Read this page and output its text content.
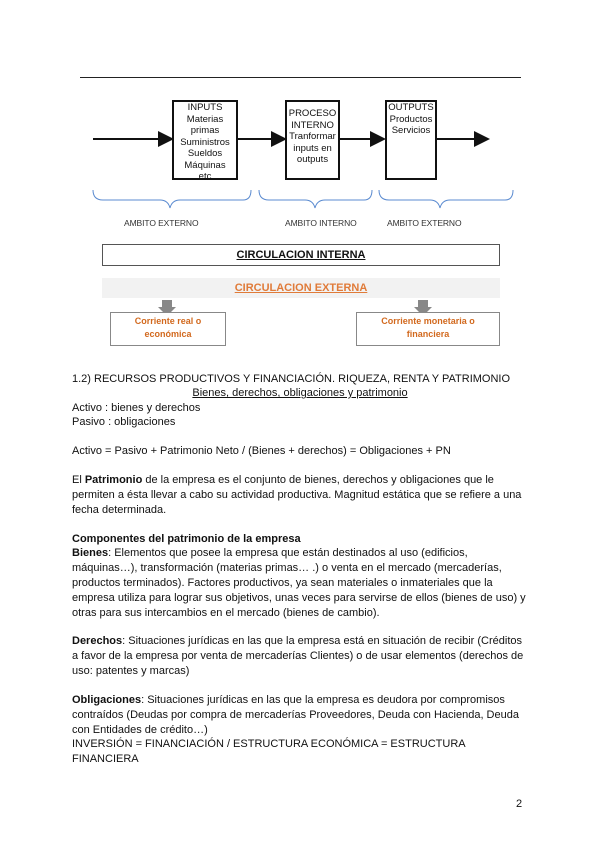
INPUTS
Materias primas
Suministros
Sueldos
Máquinas
etc
PROCESO
INTERNO
Tranformar
inputs en
outputs
OUTPUTS
Productos
Servicios
AMBITO EXTERNO	AMBITO INTERNO	AMBITO EXTERNO
CIRCULACION INTERNA
CIRCULACION EXTERNA
Corriente real o
económica
Corriente monetaria o
financiera
1.2) RECURSOS PRODUCTIVOS Y FINANCIACIÓN. RIQUEZA, RENTA Y PATRIMONIO
Bienes, derechos, obligaciones y patrimonio
Activo : bienes y derechos
Pasivo : obligaciones
Activo = Pasivo + Patrimonio Neto / (Bienes + derechos) = Obligaciones + PN
El Patrimonio de la empresa es el conjunto de bienes, derechos y obligaciones que le permiten a ésta llevar a cabo su actividad productiva. Magnitud estática que se refiere a una fecha determinada.
Componentes del patrimonio de la empresa
Bienes: Elementos que posee la empresa que están destinados al uso (edificios, máquinas…), transformación (materias primas… .) o venta en el mercado (mercaderías, productos terminados). Factores productivos, ya sean materiales o inmateriales que la empresa utiliza para lograr sus objetivos, unas veces para servirse de ellos (bienes de uso) y otras para sus intercambios en el mercado (bienes de cambio).
Derechos: Situaciones jurídicas en las que la empresa está en situación de recibir (Créditos a favor de la empresa por venta de mercaderías Clientes) o de usar elementos (derechos de uso: patentes y marcas)
Obligaciones: Situaciones jurídicas en las que la empresa es deudora por compromisos contraídos (Deudas por compra de mercaderías Proveedores, Deuda con Hacienda, Deuda con Entidades de crédito…)
INVERSIÓN = FINANCIACIÓN / ESTRUCTURA ECONÓMICA = ESTRUCTURA FINANCIERA
2
